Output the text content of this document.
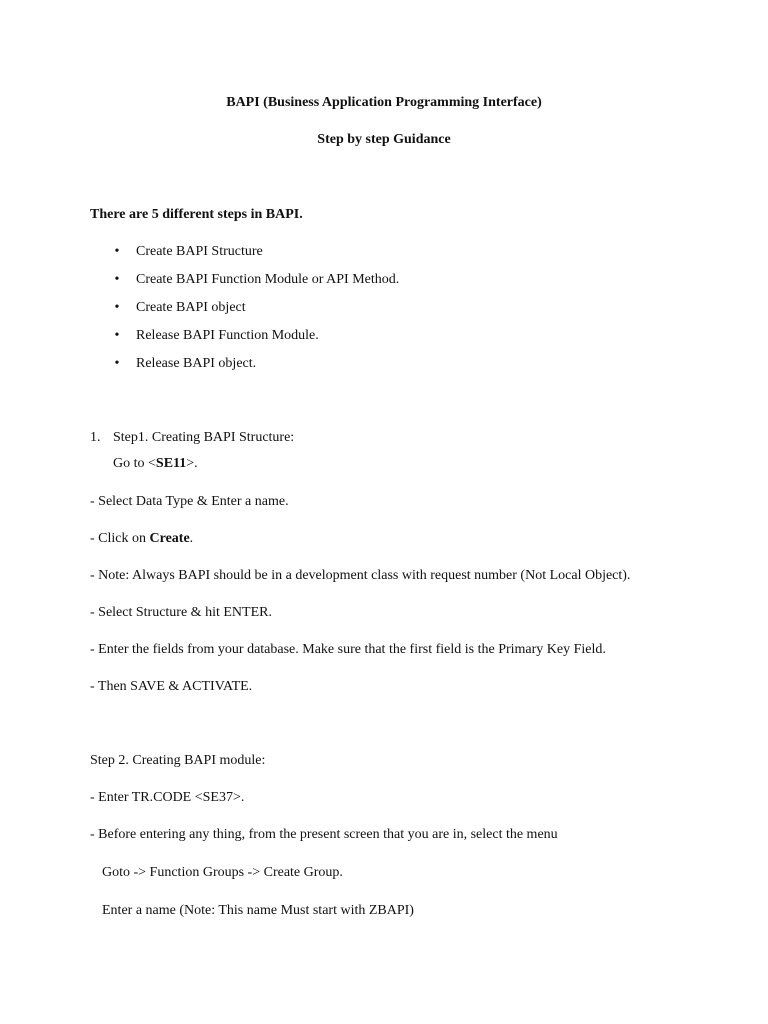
BAPI (Business Application Programming Interface)
Step by step Guidance
There are 5 different steps in BAPI.
• Create BAPI Structure
• Create BAPI Function Module or API Method.
• Create BAPI object
• Release BAPI Function Module.
• Release BAPI object.
1. Step1. Creating BAPI Structure:
Go to <SE11>.
- Select Data Type & Enter a name.
- Click on Create.
- Note: Always BAPI should be in a development class with request number (Not Local Object).
- Select Structure & hit ENTER.
- Enter the fields from your database. Make sure that the first field is the Primary Key Field.
- Then SAVE & ACTIVATE.
Step 2. Creating BAPI module:
- Enter TR.CODE <SE37>.
- Before entering any thing, from the present screen that you are in, select the menu
Goto -> Function Groups -> Create Group.
Enter a name (Note: This name Must start with ZBAPI)
